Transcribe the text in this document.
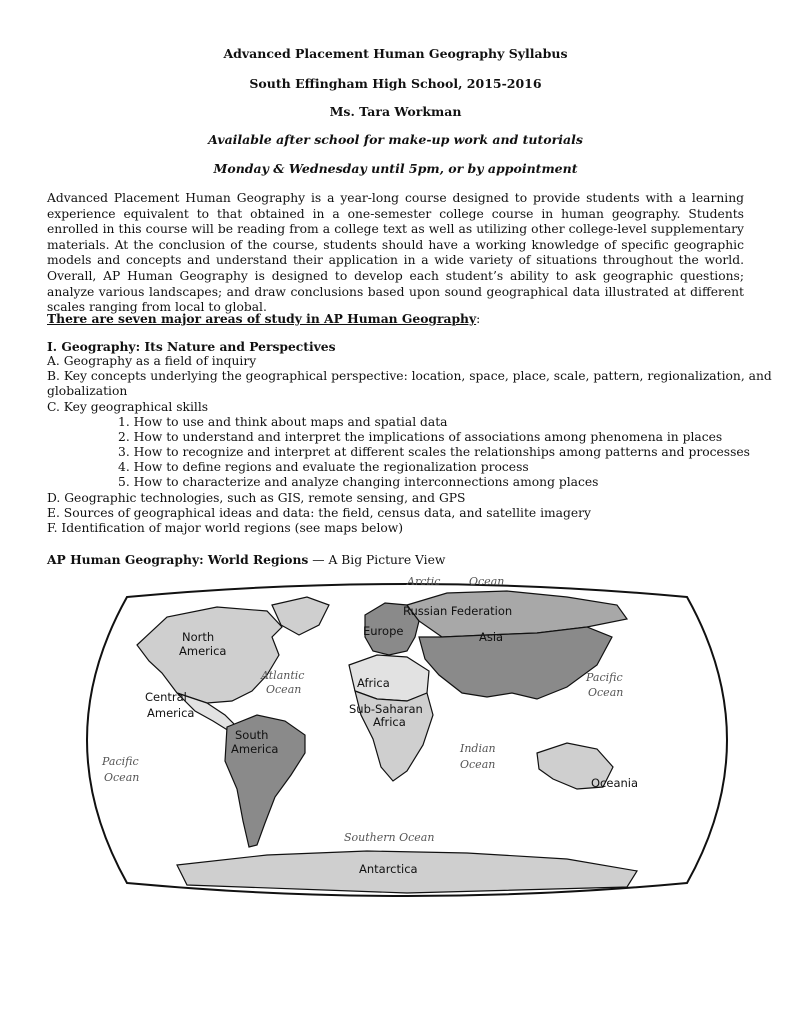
Advanced Placement Human Geography Syllabus
South Effingham High School, 2015-2016
Ms. Tara Workman
Available after school for make-up work and tutorials
Monday & Wednesday until 5pm, or by appointment
Advanced Placement Human Geography is a year-long course designed to provide students with a learning experience equivalent to that obtained in a one-semester college course in human geography. Students enrolled in this course will be reading from a college text as well as utilizing other college-level supplementary materials. At the conclusion of the course, students should have a working knowledge of specific geographic models and concepts and understand their application in a wide variety of situations throughout the world. Overall, AP Human Geography is designed to develop each student’s ability to ask geographic questions; analyze various landscapes; and draw conclusions based upon sound geographical data illustrated at different scales ranging from local to global.
There are seven major areas of study in AP Human Geography:
I. Geography: Its Nature and Perspectives
A. Geography as a field of inquiry
B. Key concepts underlying the geographical perspective: location, space, place, scale, pattern, regionalization, and
globalization
C. Key geographical skills
1. How to use and think about maps and spatial data
2. How to understand and interpret the implications of associations among phenomena in places
3. How to recognize and interpret at different scales the relationships among patterns and processes
4. How to define regions and evaluate the regionalization process
5. How to characterize and analyze changing interconnections among places
D. Geographic technologies, such as GIS, remote sensing, and GPS
E. Sources of geographical ideas and data: the field, census data, and satellite imagery
F. Identification of major world regions (see maps below)
AP Human Geography: World Regions — A Big Picture View
North
America
Central
America
South
America
Europe
Russian Federation
Asia
Africa
Sub-Saharan
Africa
Oceania
Antarctica
Arctic	Ocean
Atlantic
Ocean
Pacific
Ocean
Pacific
Ocean
Indian
Ocean
Southern Ocean
